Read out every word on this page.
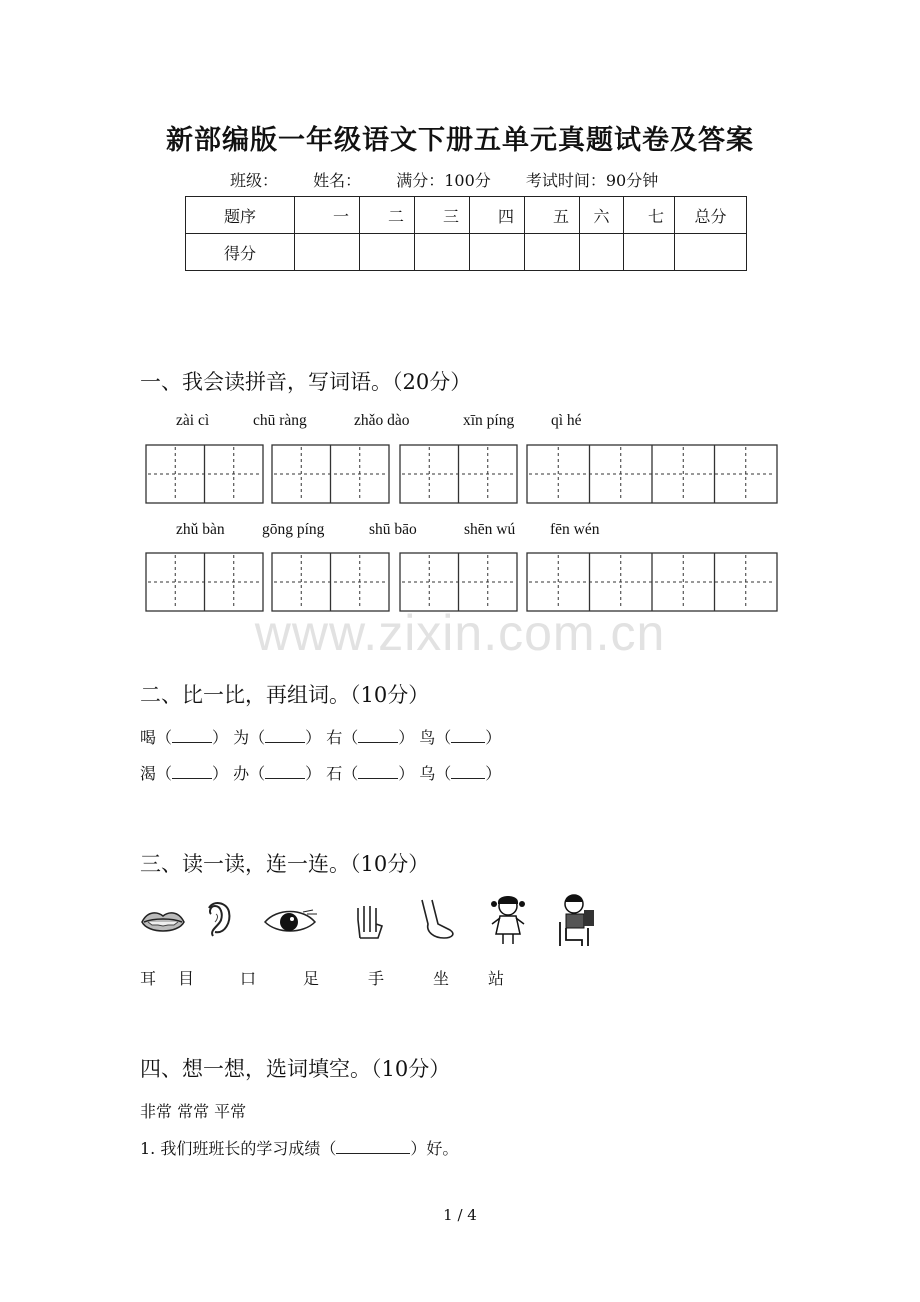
新部编版一年级语文下册五单元真题试卷及答案
班级： 姓名： 满分：100分 考试时间：90分钟
题序	一	二	三	四	五	六	七	总分
得分								
一、我会读拼音，写词语。（20分）
zài cì	chū ràng	zhǎo dào	xīn píng qì hé
zhǔ bàn gōng píng	shū bāo	shēn wú fēn wén
www.zixin.com.cn
二、比一比，再组词。（10分）
喝（	） 为（	） 右（	） 鸟（ ）
渴（	） 办（	） 石（	） 乌（ ）
三、读一读，连一连。（10分）
耳 目	口	足	手	坐 站
四、想一想，选词填空。（10分）
非常 常常 平常
1. 我们班班长的学习成绩（	）好。
1 / 4
